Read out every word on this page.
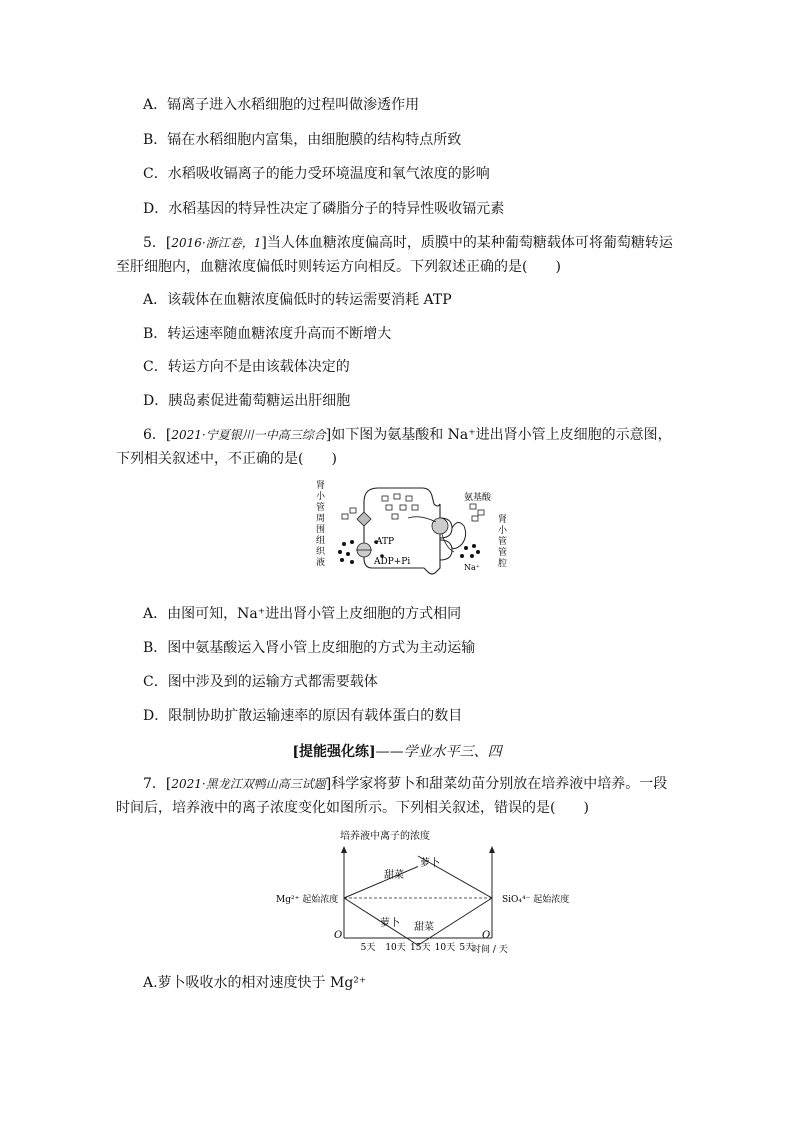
A．镉离子进入水稻细胞的过程叫做渗透作用
B．镉在水稻细胞内富集，由细胞膜的结构特点所致
C．水稻吸收镉离子的能力受环境温度和氧气浓度的影响
D．水稻基因的特异性决定了磷脂分子的特异性吸收镉元素
5．[2016·浙江卷，1]当人体血糖浓度偏高时，质膜中的某种葡萄糖载体可将葡萄糖转运
至肝细胞内，血糖浓度偏低时则转运方向相反。下列叙述正确的是(　　)
A．该载体在血糖浓度偏低时的转运需要消耗 ATP
B．转运速率随血糖浓度升高而不断增大
C．转运方向不是由该载体决定的
D．胰岛素促进葡萄糖运出肝细胞
6．[2021·宁夏银川一中高三综合]如下图为氨基酸和 Na⁺进出肾小管上皮细胞的示意图，
下列相关叙述中，不正确的是(　　)
肾
小
管
周
围
组
织
液
ATP
ADP+Pi
氨基酸
Na⁺
肾
小
管
管
腔
A．由图可知，Na⁺进出肾小管上皮细胞的方式相同
B．图中氨基酸运入肾小管上皮细胞的方式为主动运输
C．图中涉及到的运输方式都需要载体
D．限制协助扩散运输速率的原因有载体蛋白的数目
[提能强化练]——学业水平三、四
7．[2021·黑龙江双鸭山高三试题]科学家将萝卜和甜菜幼苗分别放在培养液中培养。一段
时间后，培养液中的离子浓度变化如图所示。下列相关叙述，错误的是(　　)
培养液中离子的浓度
Mg²⁺ 起始浓度	SiO₄⁴⁻ 起始浓度
O	O
时间 / 天
5天 10天 15天 10天 5天
甜菜
萝卜
萝卜 甜菜
A.萝卜吸收水的相对速度快于 Mg²⁺
